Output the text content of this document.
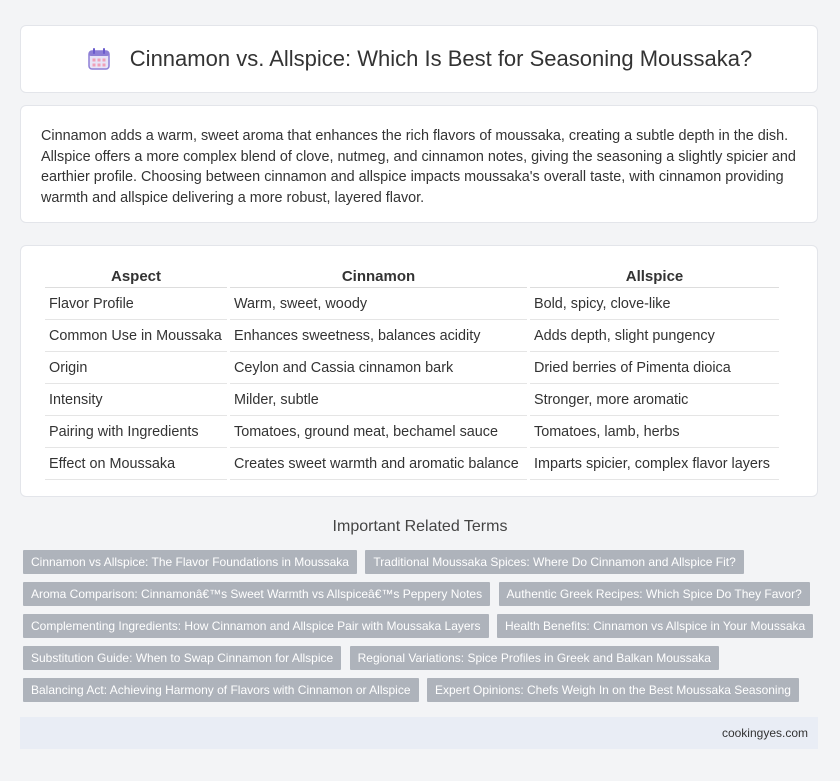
Cinnamon vs. Allspice: Which Is Best for Seasoning Moussaka?

Cinnamon adds a warm, sweet aroma that enhances the rich flavors of moussaka, creating a subtle depth in the dish. Allspice offers a more complex blend of clove, nutmeg, and cinnamon notes, giving the seasoning a slightly spicier and earthier profile. Choosing between cinnamon and allspice impacts moussaka's overall taste, with cinnamon providing warmth and allspice delivering a more robust, layered flavor.

Aspect	Cinnamon	Allspice
Flavor Profile	Warm, sweet, woody	Bold, spicy, clove-like
Common Use in Moussaka	Enhances sweetness, balances acidity	Adds depth, slight pungency
Origin	Ceylon and Cassia cinnamon bark	Dried berries of Pimenta dioica
Intensity	Milder, subtle	Stronger, more aromatic
Pairing with Ingredients	Tomatoes, ground meat, bechamel sauce	Tomatoes, lamb, herbs
Effect on Moussaka	Creates sweet warmth and aromatic balance	Imparts spicier, complex flavor layers
Important Related Terms
Cinnamon vs Allspice: The Flavor Foundations in Moussaka Traditional Moussaka Spices: Where Do Cinnamon and Allspice Fit? Aroma Comparison: Cinnamonâ€™s Sweet Warmth vs Allspiceâ€™s Peppery Notes Authentic Greek Recipes: Which Spice Do They Favor? Complementing Ingredients: How Cinnamon and Allspice Pair with Moussaka Layers Health Benefits: Cinnamon vs Allspice in Your Moussaka Substitution Guide: When to Swap Cinnamon for Allspice Regional Variations: Spice Profiles in Greek and Balkan Moussaka Balancing Act: Achieving Harmony of Flavors with Cinnamon or Allspice Expert Opinions: Chefs Weigh In on the Best Moussaka Seasoning
cookingyes.com
